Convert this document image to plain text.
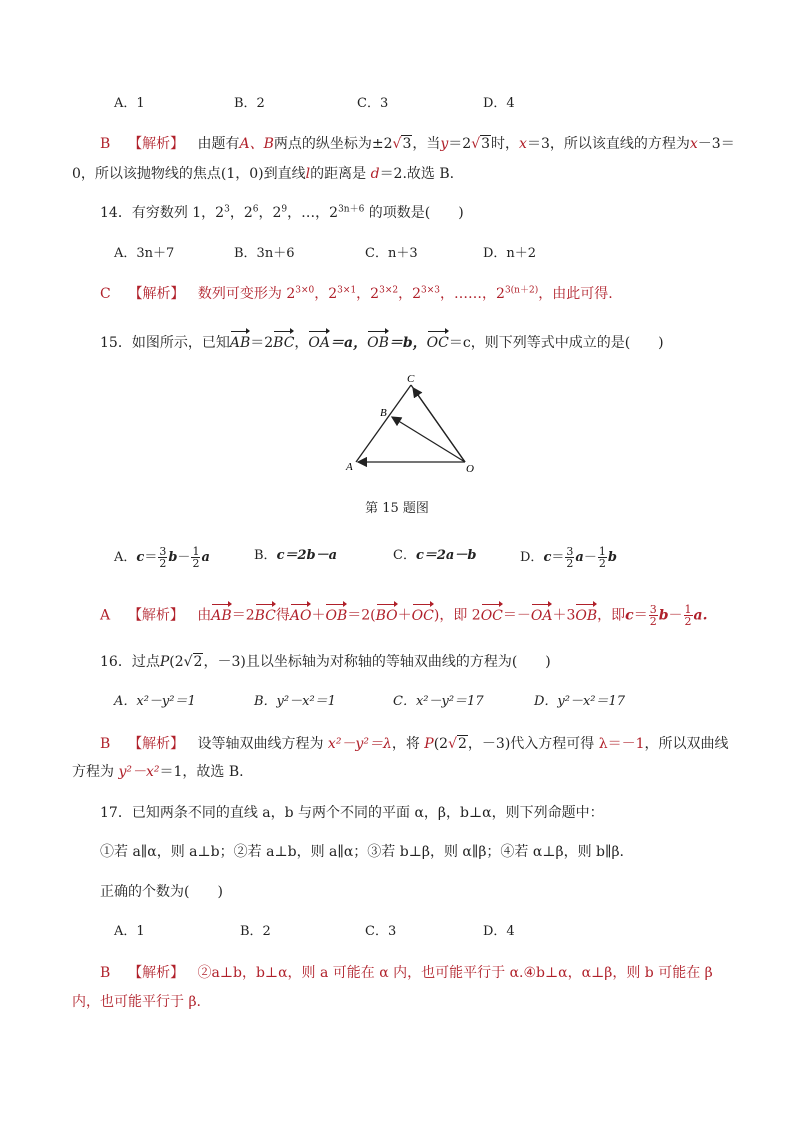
A．1	B．2	C．3	D．4
B 【解析】 由题有A、B两点的纵坐标为±2√3，当y＝2√3时，x＝3，所以该直线的方程为x－3＝
0，所以该抛物线的焦点(1，0)到直线l的距离是 d＝2.故选 B.
14．有穷数列 1，$2^3$，$2^6$，$2^9$，…，$2^{3n+6}$ 的项数是(　　)
A．3n＋7	B．3n＋6	C．n＋3	D．n＋2
C 【解析】 数列可变形为 $2^{3\times 0}$，$2^{3\times 1}$，$2^{3\times 2}$，$2^{3\times 3}$，……，$2^{3(n+2)}$，由此可得.
15．如图所示，已知AB＝2BC，OA＝a，OB＝b，OC＝c，则下列等式中成立的是(　　)
C
B
A	O
第 15 题图
A．$c= \frac{3}{2} b- \frac{1}{2}$ a	B．c＝2b－a	C．c＝2a－b	D．$c= \frac{3}{2} a- \frac{1}{2}$ b
A 【解析】 由AB＝2BC得AO＋OB＝2(BO＋OC)，即 2OC＝－OA＋3OB，即$c= \frac{3}{2} b- \frac{1}{2} a$.
16．过点P(2√2，－3)且以坐标轴为对称轴的等轴双曲线的方程为(　　)
A．x²－y²＝1	B．y²－x²＝1	C．x²－y²＝17	D．y²－x²＝17
B 【解析】 设等轴双曲线方程为 x²－y²＝λ，将 P(2√2，－3)代入方程可得 λ＝－1，所以双曲线
方程为 y²－x²＝1，故选 B.
17．已知两条不同的直线 a，b 与两个不同的平面 α，β，b⊥α，则下列命题中：
①若 a∥α，则 a⊥b；②若 a⊥b，则 a∥α；③若 b⊥β，则 α∥β；④若 α⊥β，则 b∥β.
正确的个数为(　　)
A．1	B．2	C．3	D．4
B 【解析】 ②a⊥b，b⊥α，则 a 可能在 α 内，也可能平行于 α.④b⊥α，α⊥β，则 b 可能在 β
内，也可能平行于 β.
